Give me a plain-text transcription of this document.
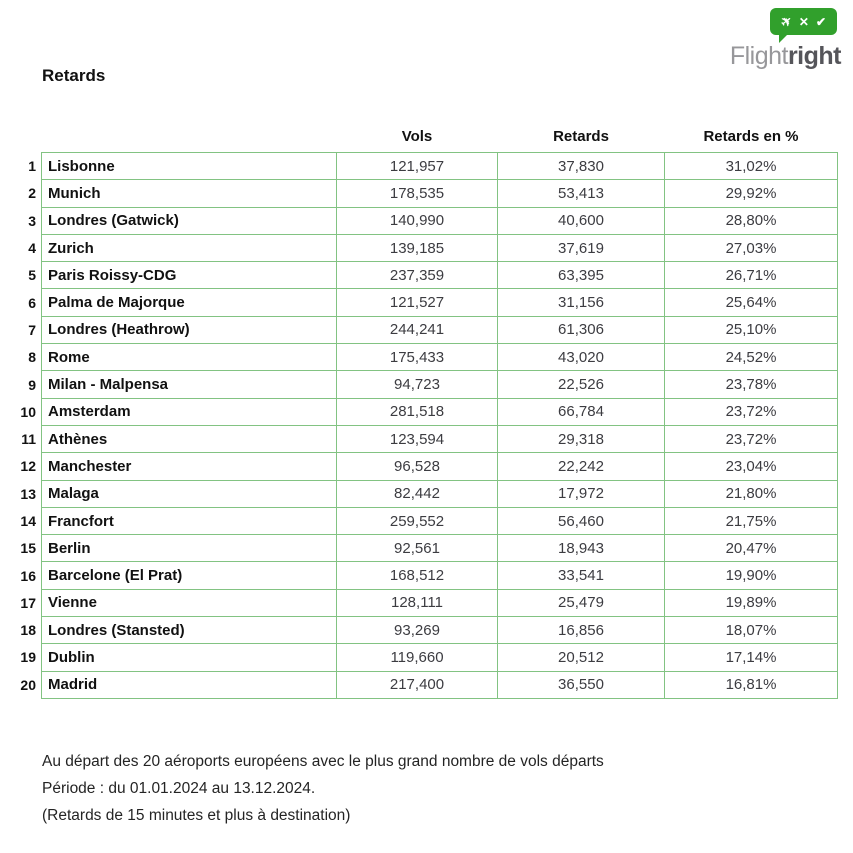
✈ ✕ ✔
Flightright
Retards
		Vols	Retards	Retards en %
1	Lisbonne	121,957	37,830	31,02%
2	Munich	178,535	53,413	29,92%
3	Londres (Gatwick)	140,990	40,600	28,80%
4	Zurich	139,185	37,619	27,03%
5	Paris Roissy-CDG	237,359	63,395	26,71%
6	Palma de Majorque	121,527	31,156	25,64%
7	Londres (Heathrow)	244,241	61,306	25,10%
8	Rome	175,433	43,020	24,52%
9	Milan - Malpensa	94,723	22,526	23,78%
10	Amsterdam	281,518	66,784	23,72%
11	Athènes	123,594	29,318	23,72%
12	Manchester	96,528	22,242	23,04%
13	Malaga	82,442	17,972	21,80%
14	Francfort	259,552	56,460	21,75%
15	Berlin	92,561	18,943	20,47%
16	Barcelone (El Prat)	168,512	33,541	19,90%
17	Vienne	128,111	25,479	19,89%
18	Londres (Stansted)	93,269	16,856	18,07%
19	Dublin	119,660	20,512	17,14%
20	Madrid	217,400	36,550	16,81%
Au départ des 20 aéroports européens avec le plus grand nombre de vols départs
Période : du 01.01.2024 au 13.12.2024.
(Retards de 15 minutes et plus à destination)
